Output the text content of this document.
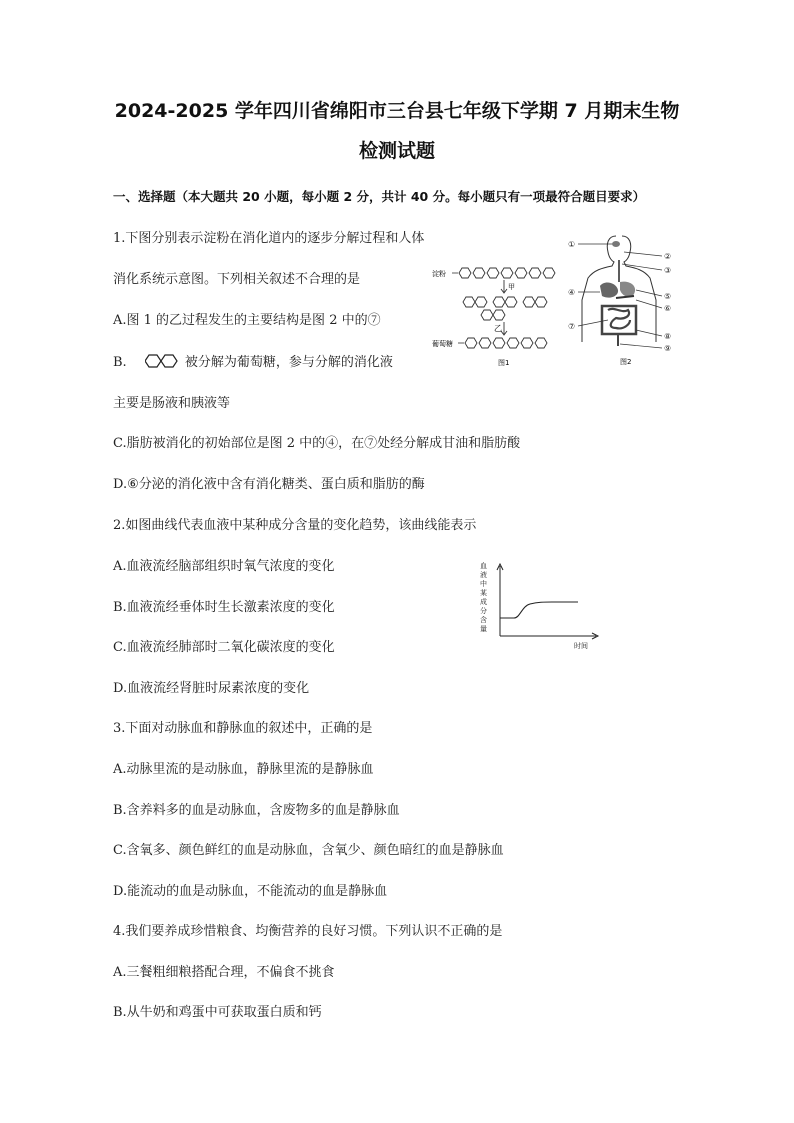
2024-2025 学年四川省绵阳市三台县七年级下学期 7 月期末生物
检测试题
一、选择题（本大题共 20 小题，每小题 2 分，共计 40 分。每小题只有一项最符合题目要求）
1.下图分别表示淀粉在消化道内的逐步分解过程和人体
消化系统示意图。下列相关叙述不合理的是
A.图 1 的乙过程发生的主要结构是图 2 中的⑦
B.	被分解为葡萄糖，参与分解的消化液
主要是肠液和胰液等
C.脂肪被消化的初始部位是图 2 中的④，在⑦处经分解成甘油和脂肪酸
D.⑥分泌的消化液中含有消化糖类、蛋白质和脂肪的酶
淀粉
甲
乙
葡萄糖
图1
①
②
③
④	⑤
⑥
⑦
⑧
⑨
图2
2.如图曲线代表血液中某种成分含量的变化趋势，该曲线能表示
A.血液流经脑部组织时氧气浓度的变化
B.血液流经垂体时生长激素浓度的变化
C.血液流经肺部时二氧化碳浓度的变化
D.血液流经肾脏时尿素浓度的变化
血
液
中
某
成
分
含
量
时间
3.下面对动脉血和静脉血的叙述中，正确的是
A.动脉里流的是动脉血，静脉里流的是静脉血
B.含养料多的血是动脉血，含废物多的血是静脉血
C.含氧多、颜色鲜红的血是动脉血，含氧少、颜色暗红的血是静脉血
D.能流动的血是动脉血，不能流动的血是静脉血
4.我们要养成珍惜粮食、均衡营养的良好习惯。下列认识不正确的是
A.三餐粗细粮搭配合理，不偏食不挑食
B.从牛奶和鸡蛋中可获取蛋白质和钙
